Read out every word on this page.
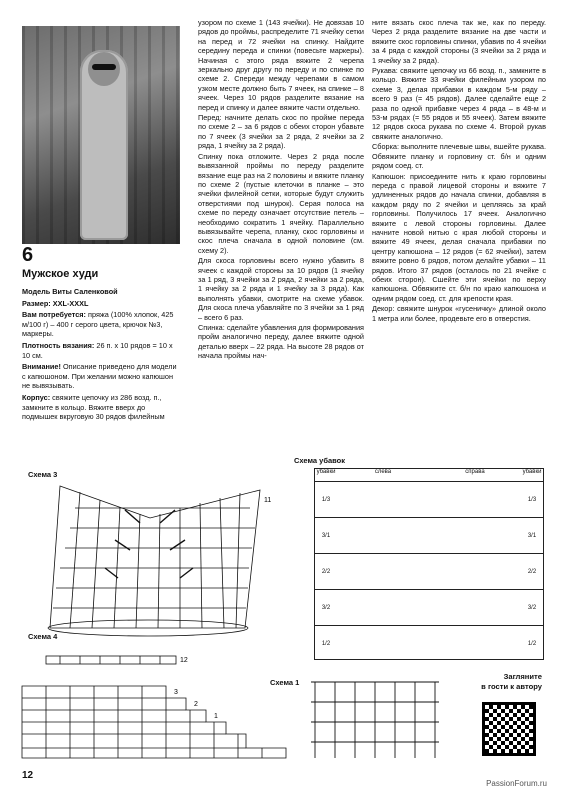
6
Мужское худи

Модель Виты Саленковой

Размер: XXL-XXXL

Вам потребуется: пряжа (100% хлопок, 425 м/100 г) – 400 г серого цвета, крючок №3, маркеры.

Плотность вязания: 26 п. х 10 рядов = 10 х 10 см.

Внимание! Описание приведено для модели с капюшоном. При желании можно капюшон не вывязывать.

Корпус: свяжите цепочку из 286 возд. п., замкните в кольцо. Вяжите вверх до подмышек вкруговую 30 рядов филейным

узором по схеме 1 (143 ячейки). Не довязав 10 рядов до проймы, распределите 71 ячейку сетки на перед и 72 ячейки на спинку. Найдите середину переда и спинки (повесьте маркеры). Начиная с этого ряда вяжите 2 черепа зеркально друг другу по переду и по спинке по схеме 2. Спереди между черепами в самом узком месте должно быть 7 ячеек, на спинке – 8 ячеек. Через 10 рядов разделите вязание на перед и спинку и далее вяжите части отдельно.

Перед: начните делать скос по пройме переда по схеме 2 – за 6 рядов с обеих сторон убавьте по 7 ячеек (3 ячейки за 2 ряда, 2 ячейки за 2 ряда, 1 ячейку за 2 ряда).

Спинку пока отложите. Через 2 ряда после вывязанной проймы по переду разделите вязание еще раз на 2 половины и вяжите планку по схеме 2 (пустые клеточки в планке – это ячейки филейной сетки, которые будут служить отверстиями под шнурок). Серая полоса на схеме по переду означает отсутствие петель – необходимо сократить 1 ячейку. Параллельно вывязывайте черепа, планку, скос горловины и скос плеча сначала в одной половине (см. схему 2).

Для скоса горловины всего нужно убавить 8 ячеек с каждой стороны за 10 рядов (1 ячейку за 1 ряд, 3 ячейки за 2 ряда, 2 ячейки за 2 ряда, 1 ячейку за 2 ряда и 1 ячейку за 3 ряда). Как выполнять убавки, смотрите на схеме убавок. Для скоса плеча убавляйте по 3 ячейки за 1 ряд – всего 6 раз.

Спинка: сделайте убавления для формирования пройм аналогично переду, далее вяжите одной деталью вверх – 22 ряда. На высоте 28 рядов от начала проймы нач-

ните вязать скос плеча так же, как по переду. Через 2 ряда разделите вязание на две части и вяжите скос горловины спинки, убавив по 4 ячейки за 4 ряда с каждой стороны (3 ячейки за 2 ряда и 1 ячейку за 2 ряда).

Рукава: свяжите цепочку из 66 возд. п., замкните в кольцо. Вяжите 33 ячейки филейным узором по схеме 3, делая прибавки в каждом 5-м ряду – всего 9 раз (= 45 рядов). Далее сделайте еще 2 раза по одной прибавке через 4 ряда – в 48-м и 53-м рядах (= 55 рядов и 55 ячеек). Затем вяжите 12 рядов скоса рукава по схеме 4. Второй рукав свяжите аналогично.

Сборка: выполните плечевые швы, вшейте рукава. Обвяжите планку и горловину ст. б/н и одним рядом соед. ст.

Капюшон: присоедините нить к краю горловины переда с правой лицевой стороны и вяжите 7 удлиненных рядов до начала спинки, добавляя в каждом ряду по 2 ячейки и цепляясь за край горловины. Получилось 17 ячеек. Аналогично вяжите с левой стороны горловины. Далее начните новой нитью с края любой стороны и вяжите 49 ячеек, делая сначала прибавки по центру капюшона – 12 рядов (= 62 ячейки), затем вяжите ровно 6 рядов, потом делайте убавки – 11 рядов. Итого 37 рядов (осталось по 21 ячейке с обеих сторон). Сшейте эти ячейки по верху капюшона. Обвяжите ст. б/н по краю капюшона и одним рядом соед. ст. для крепости края.

Декор: свяжите шнурок «гусеничку» длиной около 1 метра или более, продевьте его в отверстия.

Схема 3
11
Схема 4
12
3
2
1
Схема 1
Схема убавок
убавки	слева	справа	убавки
1/3	1/3
3/1	3/1
2/2	2/2
3/2	3/2
1/2	1/2
Загляните
в гости к автору
12
PassionForum.ru
